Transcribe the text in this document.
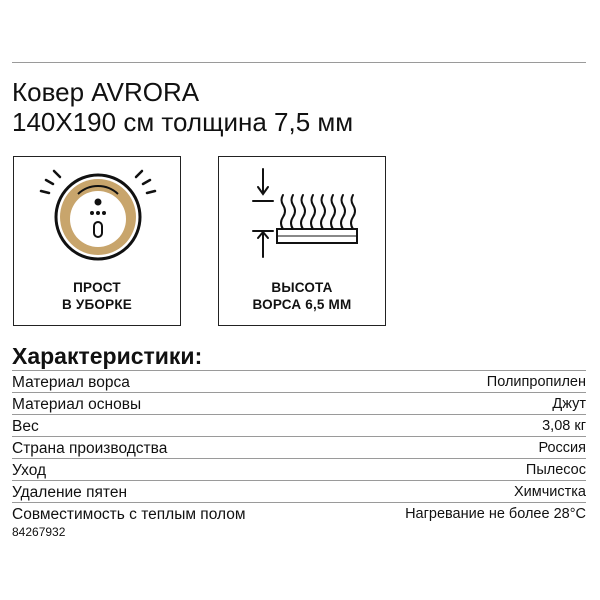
Ковер AVRORA
140X190 см толщина 7,5 мм
ПРОСТ
В УБОРКЕ
ВЫСОТА
ВОРСА 6,5 ММ
Характеристики:
Материал ворса	Полипропилен
Материал основы	Джут
Вес	3,08 кг
Страна производства	Россия
Уход	Пылесос
Удаление пятен	Химчистка
Совместимость с теплым полом	Нагревание не более 28°С
84267932
